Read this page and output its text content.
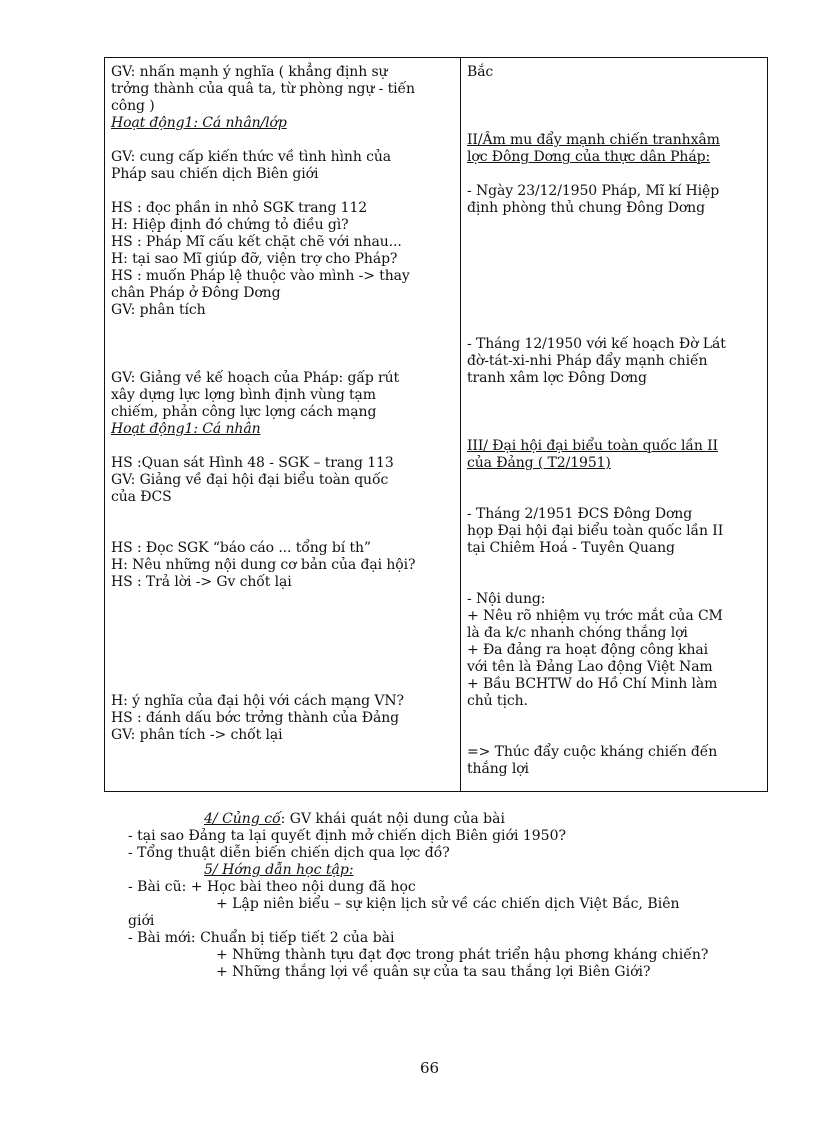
GV: nhấn mạnh ý nghĩa ( khẳng định sự
trởng thành của quâ ta, từ phòng ngự - tiến
công )
Hoạt động1: Cá nhân/lớp
GV: cung cấp kiến thức về tình hình của
Pháp sau chiến dịch Biên giới
HS : đọc phần in nhỏ SGK trang 112
H: Hiệp định đó chứng tỏ điều gì?
HS : Pháp Mĩ cấu kết chặt chẽ với nhau...
H: tại sao Mĩ giúp đỡ, viện trợ cho Pháp?
HS : muốn Pháp lệ thuộc vào mình -> thay
chân Pháp ở Đông Dơng
GV: phân tích
GV: Giảng về kế hoạch của Pháp: gấp rút
xây dựng lực lợng bình định vùng tạm
chiếm, phản công lực lợng cách mạng
Hoạt động1: Cá nhân
HS :Quan sát Hình 48 - SGK – trang 113
GV: Giảng về đại hội đại biểu toàn quốc
của ĐCS
HS : Đọc SGK “báo cáo ... tổng bí th”
H: Nêu những nội dung cơ bản của đại hội?
HS : Trả lời -> Gv chốt lại
H: ý nghĩa của đại hội với cách mạng VN?
HS : đánh dấu bớc trởng thành của Đảng
GV: phân tích -> chốt lại
Bắc
II/Âm mu đẩy mạnh chiến tranhxâm
lợc Đông Dơng của thực dân Pháp:
- Ngày 23/12/1950 Pháp, Mĩ kí Hiệp
định phòng thủ chung Đông Dơng
- Tháng 12/1950 với kế hoạch Đờ Lát
đờ-tát-xi-nhi Pháp đẩy mạnh chiến
tranh xâm lợc Đông Dơng
III/ Đại hội đại biểu toàn quốc lần II
của Đảng ( T2/1951)
- Tháng 2/1951 ĐCS Đông Dơng
họp Đại hội đại biểu toàn quốc lần II
tại Chiêm Hoá - Tuyên Quang
- Nội dung:
+ Nêu rõ nhiệm vụ trớc mắt của CM
là đa k/c nhanh chóng thắng lợi
+ Đa đảng ra hoạt động công khai
với tên là Đảng Lao động Việt Nam
+ Bầu BCHTW do Hồ Chí Minh làm
chủ tịch.
=> Thúc đẩy cuộc kháng chiến đến
thắng lợi
4/ Củng cố: GV khái quát nội dung của bài
- tại sao Đảng ta lại quyết định mở chiến dịch Biên giới 1950?
- Tổng thuật diễn biến chiến dịch qua lợc đồ?
5/ Hớng dẫn học tập:
- Bài cũ: + Học bài theo nội dung đã học
+ Lập niên biểu – sự kiện lịch sử về các chiến dịch Việt Bắc, Biên
giới
- Bài mới: Chuẩn bị tiếp tiết 2 của bài
+ Những thành tựu đạt đợc trong phát triển hậu phơng kháng chiến?
+ Những thắng lợi về quân sự của ta sau thắng lợi Biên Giới?
66
